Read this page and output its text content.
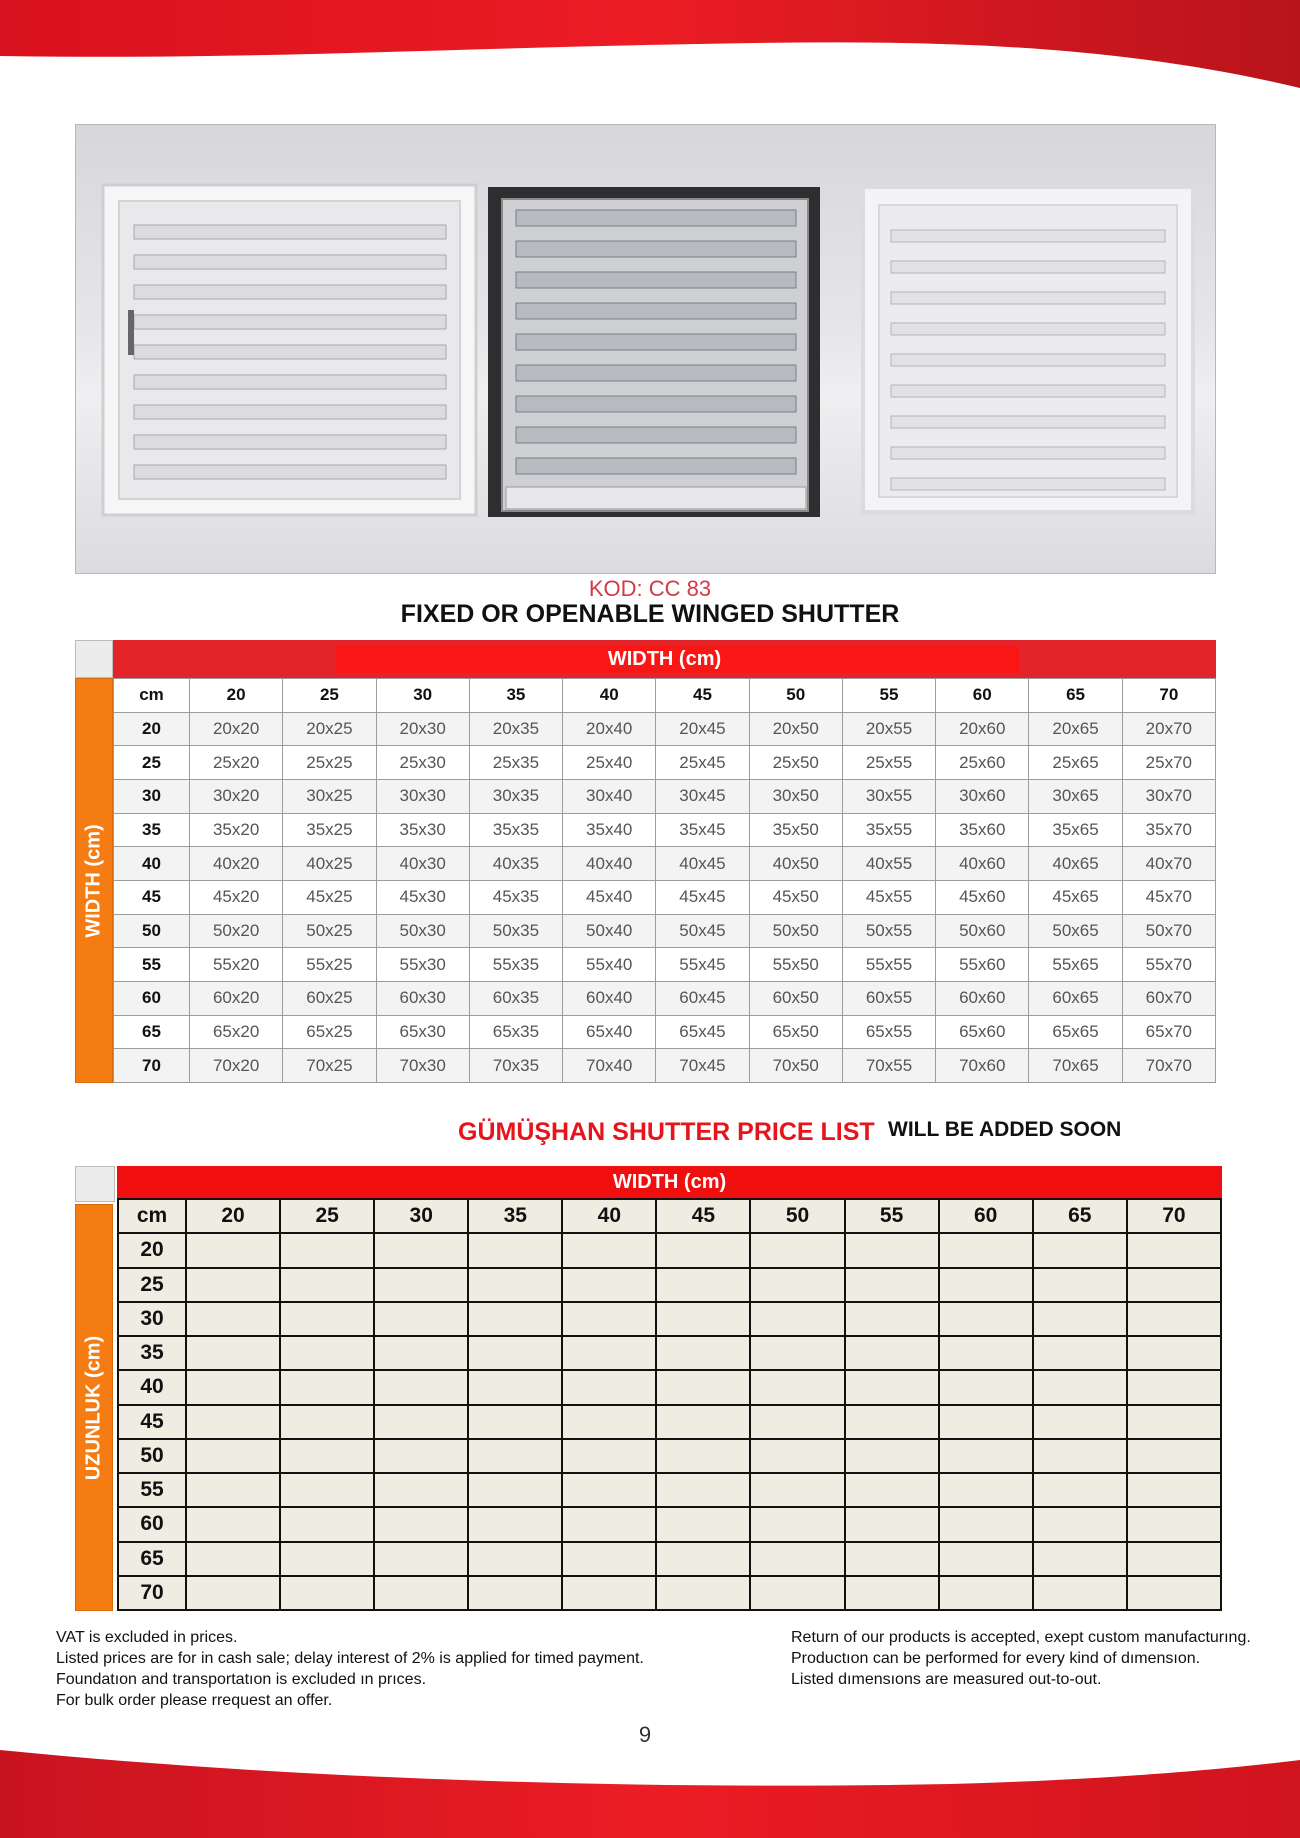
KOD: CC 83
FIXED OR OPENABLE WINGED SHUTTER
WIDTH (cm)
WIDTH (cm)
cm	20	25	30	35	40	45	50	55	60	65	70
20	20x20	20x25	20x30	20x35	20x40	20x45	20x50	20x55	20x60	20x65	20x70
25	25x20	25x25	25x30	25x35	25x40	25x45	25x50	25x55	25x60	25x65	25x70
30	30x20	30x25	30x30	30x35	30x40	30x45	30x50	30x55	30x60	30x65	30x70
35	35x20	35x25	35x30	35x35	35x40	35x45	35x50	35x55	35x60	35x65	35x70
40	40x20	40x25	40x30	40x35	40x40	40x45	40x50	40x55	40x60	40x65	40x70
45	45x20	45x25	45x30	45x35	45x40	45x45	45x50	45x55	45x60	45x65	45x70
50	50x20	50x25	50x30	50x35	50x40	50x45	50x50	50x55	50x60	50x65	50x70
55	55x20	55x25	55x30	55x35	55x40	55x45	55x50	55x55	55x60	55x65	55x70
60	60x20	60x25	60x30	60x35	60x40	60x45	60x50	60x55	60x60	60x65	60x70
65	65x20	65x25	65x30	65x35	65x40	65x45	65x50	65x55	65x60	65x65	65x70
70	70x20	70x25	70x30	70x35	70x40	70x45	70x50	70x55	70x60	70x65	70x70
GÜMÜŞHAN SHUTTER PRICE LIST WILL BE ADDED SOON
WIDTH (cm)
UZUNLUK (cm)
cm	20	25	30	35	40	45	50	55	60	65	70
20											
25											
30											
35											
40											
45											
50											
55											
60											
65											
70											
VAT is excluded in prices.
Listed prices are for in cash sale; delay interest of 2% is applied for timed payment.
Foundatıon and transportatıon is excluded ın prıces.
For bulk order please rrequest an offer.
Return of our products is accepted, exept custom manufacturıng.
Productıon can be performed for every kind of dımensıon.
Listed dımensıons are measured out-to-out.
9
